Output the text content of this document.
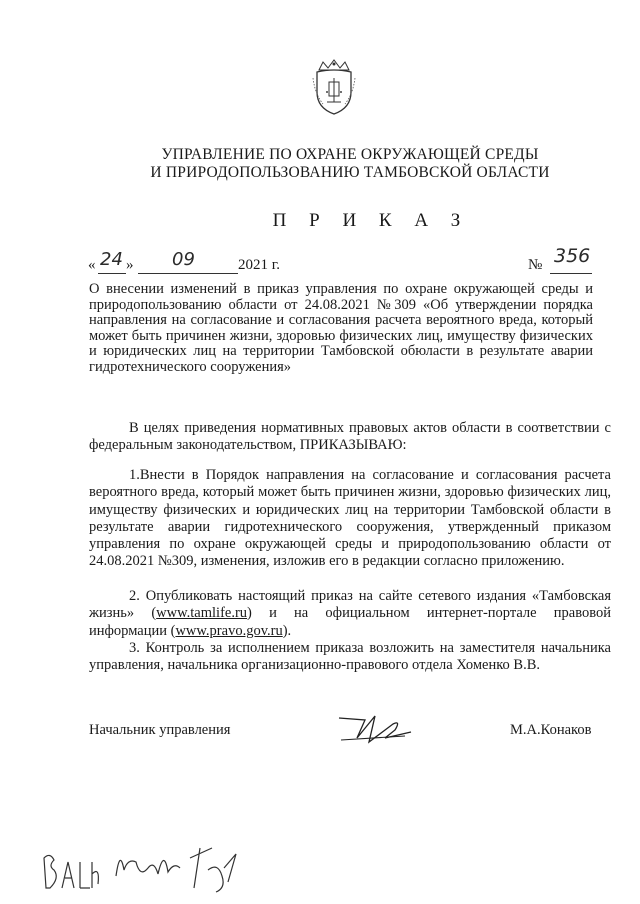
УПРАВЛЕНИЕ ПО ОХРАНЕ ОКРУЖАЮЩЕЙ СРЕДЫ
И ПРИРОДОПОЛЬЗОВАНИЮ ТАМБОВСКОЙ ОБЛАСТИ
П Р И К А З
« 24 » 09	2021 г.	№ 356
О внесении изменений в приказ управления по охране окружающей среды и природопользованию области от 24.08.2021 №309 «Об утверждении порядка направления на согласование и согласования расчета вероятного вреда, который может быть причинен жизни, здоровью физических лиц, имуществу физических и юридических лиц на территории Тамбовской обюласти в результате аварии гидротехнического сооружения»
В целях приведения нормативных правовых актов области в соответствии с федеральным законодательством, ПРИКАЗЫВАЮ:
1.Внести в Порядок направления на согласование и согласования расчета вероятного вреда, который может быть причинен жизни, здоровью физических лиц, имуществу физических и юридических лиц на территории Тамбовской области в результате аварии гидротехнического сооружения, утвержденный приказом управления по охране окружающей среды и природопользованию области от 24.08.2021 №309, изменения, изложив его в редакции согласно приложению.
2. Опубликовать настоящий приказ на сайте сетевого издания «Тамбовская жизнь» (www.tamlife.ru) и на официальном интернет-портале правовой информации (www.pravo.gov.ru).
3. Контроль за исполнением приказа возложить на заместителя начальника управления, начальника организационно-правового отдела Хоменко В.В.
Начальник управления	М.А.Конаков
